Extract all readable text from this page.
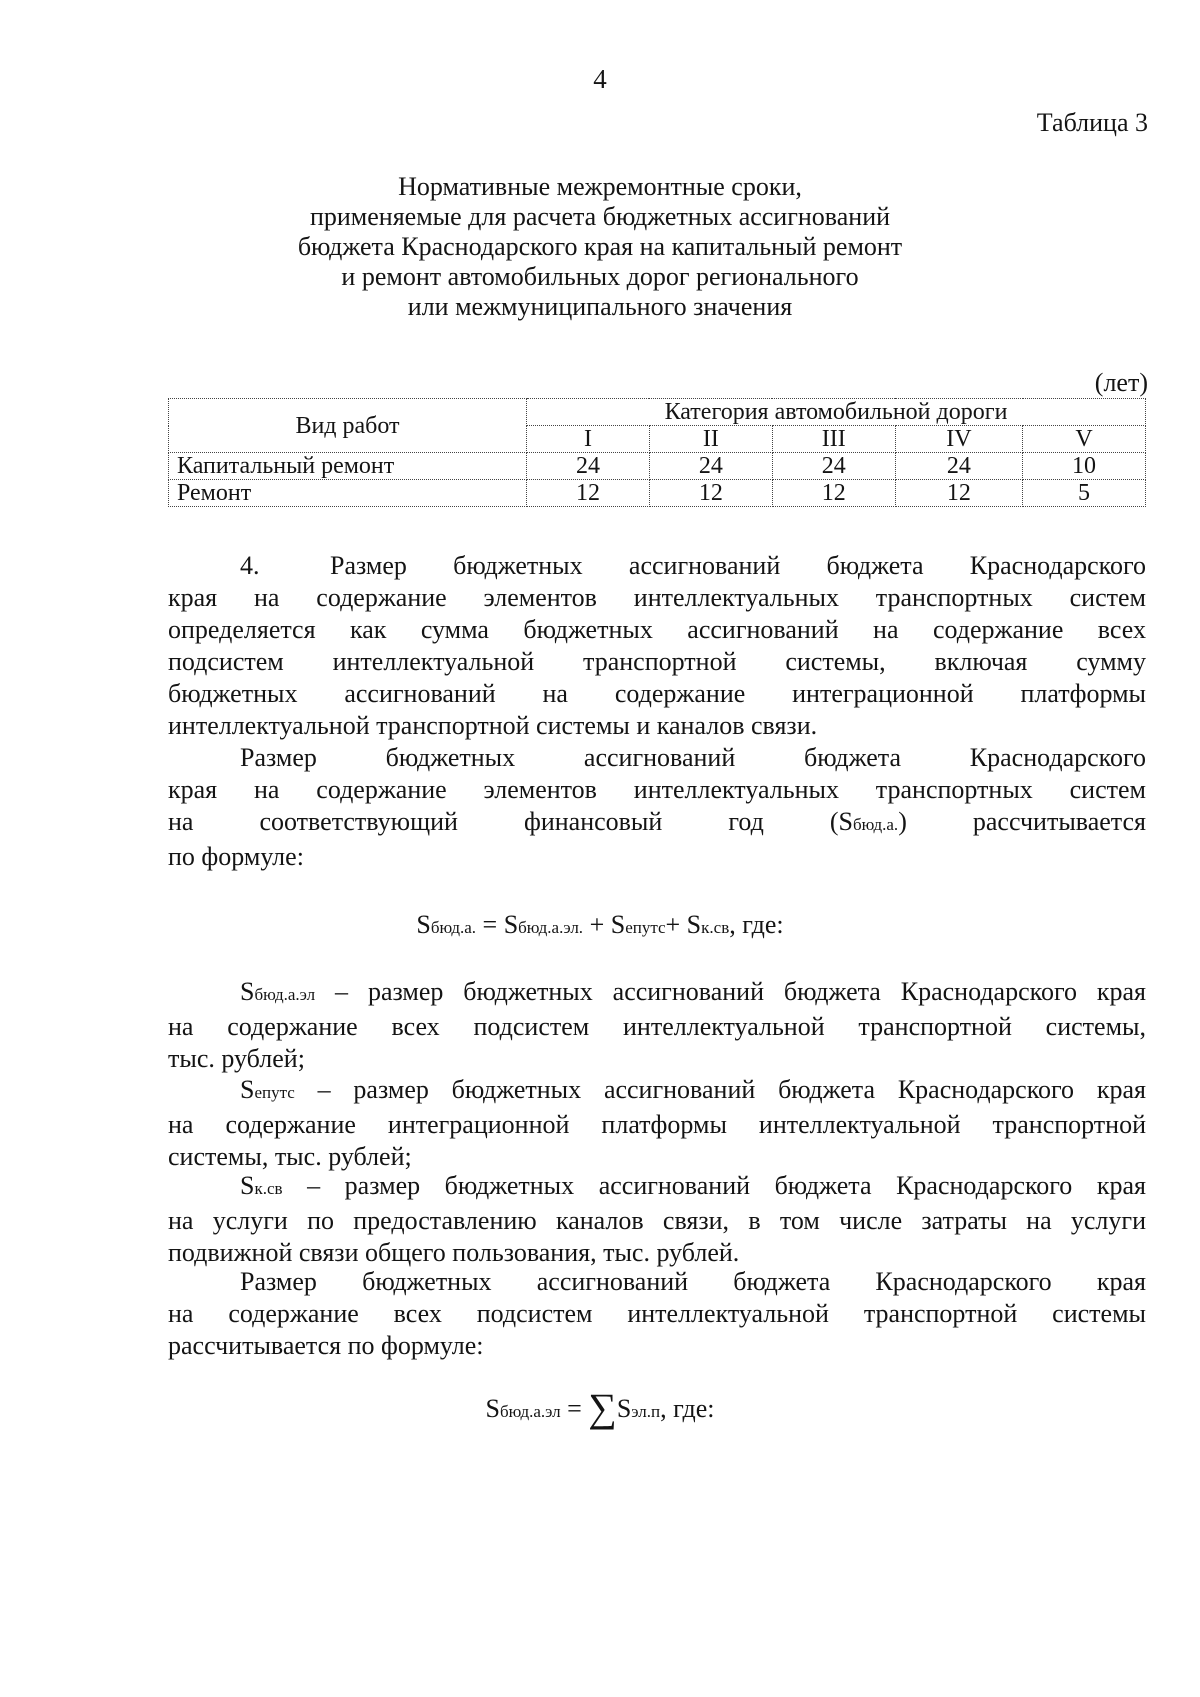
4
Таблица 3
Нормативные межремонтные сроки,
применяемые для расчета бюджетных ассигнований
бюджета Краснодарского края на капитальный ремонт
и ремонт автомобильных дорог регионального
или межмуниципального значения
(лет)
Вид работ	Категория автомобильной дороги				
	I	II	III	IV	V
Капитальный ремонт	24	24	24	24	10
Ремонт	12	12	12	12	5

4.	Размер бюджетных ассигнований бюджета Краснодарского

края на содержание элементов интеллектуальных транспортных систем

определяется как сумма бюджетных ассигнований на содержание всех

подсистем интеллектуальной транспортной системы, включая сумму

бюджетных ассигнований на содержание интеграционной платформы

интеллектуальной транспортной системы и каналов связи.

Размер бюджетных ассигнований бюджета Краснодарского

края на содержание элементов интеллектуальных транспортных систем

на соответствующий финансовый год (Sбюд.а.) рассчитывается

по формуле:

Sбюд.а. = Sбюд.а.эл. + Sепутс+ Sк.св, где:

Sбюд.а.эл – размер бюджетных ассигнований бюджета Краснодарского края

на содержание всех подсистем интеллектуальной транспортной системы,

тыс. рублей;

Sепутс – размер бюджетных ассигнований бюджета Краснодарского края

на содержание интеграционной платформы интеллектуальной транспортной

системы, тыс. рублей;

Sк.св – размер бюджетных ассигнований бюджета Краснодарского края

на услуги по предоставлению каналов связи, в том числе затраты на услуги

подвижной связи общего пользования, тыс. рублей.

Размер бюджетных ассигнований бюджета Краснодарского края

на содержание всех подсистем интеллектуальной транспортной системы

рассчитывается по формуле:

Sбюд.а.эл = ∑Sэл.п, где:
